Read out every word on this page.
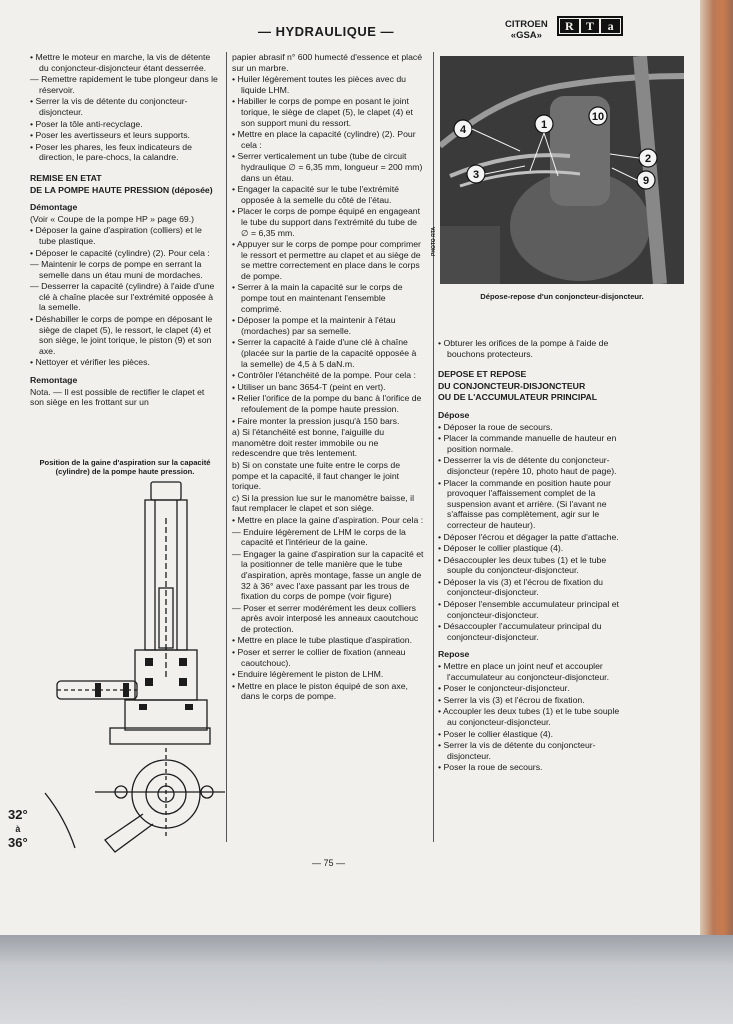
— HYDRAULIQUE —	CITROEN
«GSA»
R	T	a

• Mettre le moteur en marche, la vis de détente du conjoncteur-disjoncteur étant desserrée.

— Remettre rapidement le tube plongeur dans le réservoir.

• Serrer la vis de détente du conjoncteur-disjoncteur.

• Poser la tôle anti-recyclage.

• Poser les avertisseurs et leurs supports.

• Poser les phares, les feux indicateurs de direction, le pare-chocs, la calandre.

REMISE EN ETAT

DE LA POMPE HAUTE PRESSION (déposée)

Démontage

(Voir « Coupe de la pompe HP » page 69.)

• Déposer la gaine d'aspiration (colliers) et le tube plastique.

• Déposer le capacité (cylindre) (2). Pour cela :

— Maintenir le corps de pompe en serrant la semelle dans un étau muni de mordaches.

— Desserrer la capacité (cylindre) à l'aide d'une clé à chaîne placée sur l'extrémité opposée à la semelle.

• Déshabiller le corps de pompe en déposant le siège de clapet (5), le ressort, le clapet (4) et son siège, le joint torique, le piston (9) et son axe.

• Nettoyer et vérifier les pièces.

Remontage

Nota. — Il est possible de rectifier le clapet et son siège en les frottant sur un

Position de la gaine d'aspiration sur la capacité (cylindre) de la pompe haute pression.
32°
à
36°

papier abrasif n° 600 humecté d'essence et placé sur un marbre.

• Huiler légèrement toutes les pièces avec du liquide LHM.

• Habiller le corps de pompe en posant le joint torique, le siège de clapet (5), le clapet (4) et son support muni du ressort.

• Mettre en place la capacité (cylindre) (2). Pour cela :

• Serrer verticalement un tube (tube de circuit hydraulique ∅ = 6,35 mm, longueur = 200 mm) dans un étau.

• Engager la capacité sur le tube l'extrémité opposée à la semelle du côté de l'étau.

• Placer le corps de pompe équipé en engageant le tube du support dans l'extrémité du tube de ∅ = 6,35 mm.

• Appuyer sur le corps de pompe pour comprimer le ressort et permettre au clapet et au siège de se mettre correctement en place dans le corps de pompe.

• Serrer à la main la capacité sur le corps de pompe tout en maintenant l'ensemble comprimé.

• Déposer la pompe et la maintenir à l'étau (mordaches) par sa semelle.

• Serrer la capacité à l'aide d'une clé à chaîne (placée sur la partie de la capacité opposée à la semelle) de 4,5 à 5 daN.m.

• Contrôler l'étanchéité de la pompe. Pour cela :

• Utiliser un banc 3654-T (peint en vert).

• Relier l'orifice de la pompe du banc à l'orifice de refoulement de la pompe haute pression.

• Faire monter la pression jusqu'à 150 bars.

a) Si l'étanchéité est bonne, l'aiguille du manomètre doit rester immobile ou ne redescendre que très lentement.

b) Si on constate une fuite entre le corps de pompe et la capacité, il faut changer le joint torique.

c) Si la pression lue sur le manomètre baisse, il faut remplacer le clapet et son siège.

• Mettre en place la gaine d'aspiration. Pour cela :

— Enduire légèrement de LHM le corps de la capacité et l'intérieur de la gaine.

— Engager la gaine d'aspiration sur la capacité et la positionner de telle manière que le tube d'aspiration, après montage, fasse un angle de 32 à 36° avec l'axe passant par les trous de fixation du corps de pompe (voir figure)

— Poser et serrer modérément les deux colliers après avoir interposé les anneaux caoutchouc de protection.

• Mettre en place le tube plastique d'aspiration.

• Poser et serrer le collier de fixation (anneau caoutchouc).

• Enduire légèrement le piston de LHM.

• Mettre en place le piston équipé de son axe, dans le corps de pompe.

1
10
4
2
3	9
PHOTO RTA
Dépose-repose d'un conjoncteur-disjoncteur.

• Obturer les orifices de la pompe à l'aide de bouchons protecteurs.

DEPOSE ET REPOSE

DU CONJONCTEUR-DISJONCTEUR

OU DE L'ACCUMULATEUR PRINCIPAL

Dépose

• Déposer la roue de secours.

• Placer la commande manuelle de hauteur en position normale.

• Desserrer la vis de détente du conjoncteur-disjoncteur (repère 10, photo haut de page).

• Placer la commande en position haute pour provoquer l'affaissement complet de la suspension avant et arrière. (Si l'avant ne s'affaisse pas complètement, agir sur le correcteur de hauteur).

• Déposer l'écrou et dégager la patte d'attache.

• Déposer le collier plastique (4).

• Désaccoupler les deux tubes (1) et le tube souple du conjoncteur-disjoncteur.

• Déposer la vis (3) et l'écrou de fixation du conjoncteur-disjoncteur.

• Déposer l'ensemble accumulateur principal et conjoncteur-disjoncteur.

• Désaccoupler l'accumulateur principal du conjoncteur-disjoncteur.

Repose

• Mettre en place un joint neuf et accoupler l'accumulateur au conjoncteur-disjoncteur.

• Poser le conjoncteur-disjoncteur.

• Serrer la vis (3) et l'écrou de fixation.

• Accoupler les deux tubes (1) et le tube souple au conjoncteur-disjoncteur.

• Poser le collier élastique (4).

• Serrer la vis de détente du conjoncteur-disjoncteur.

• Poser la roue de secours.

— 75 —
